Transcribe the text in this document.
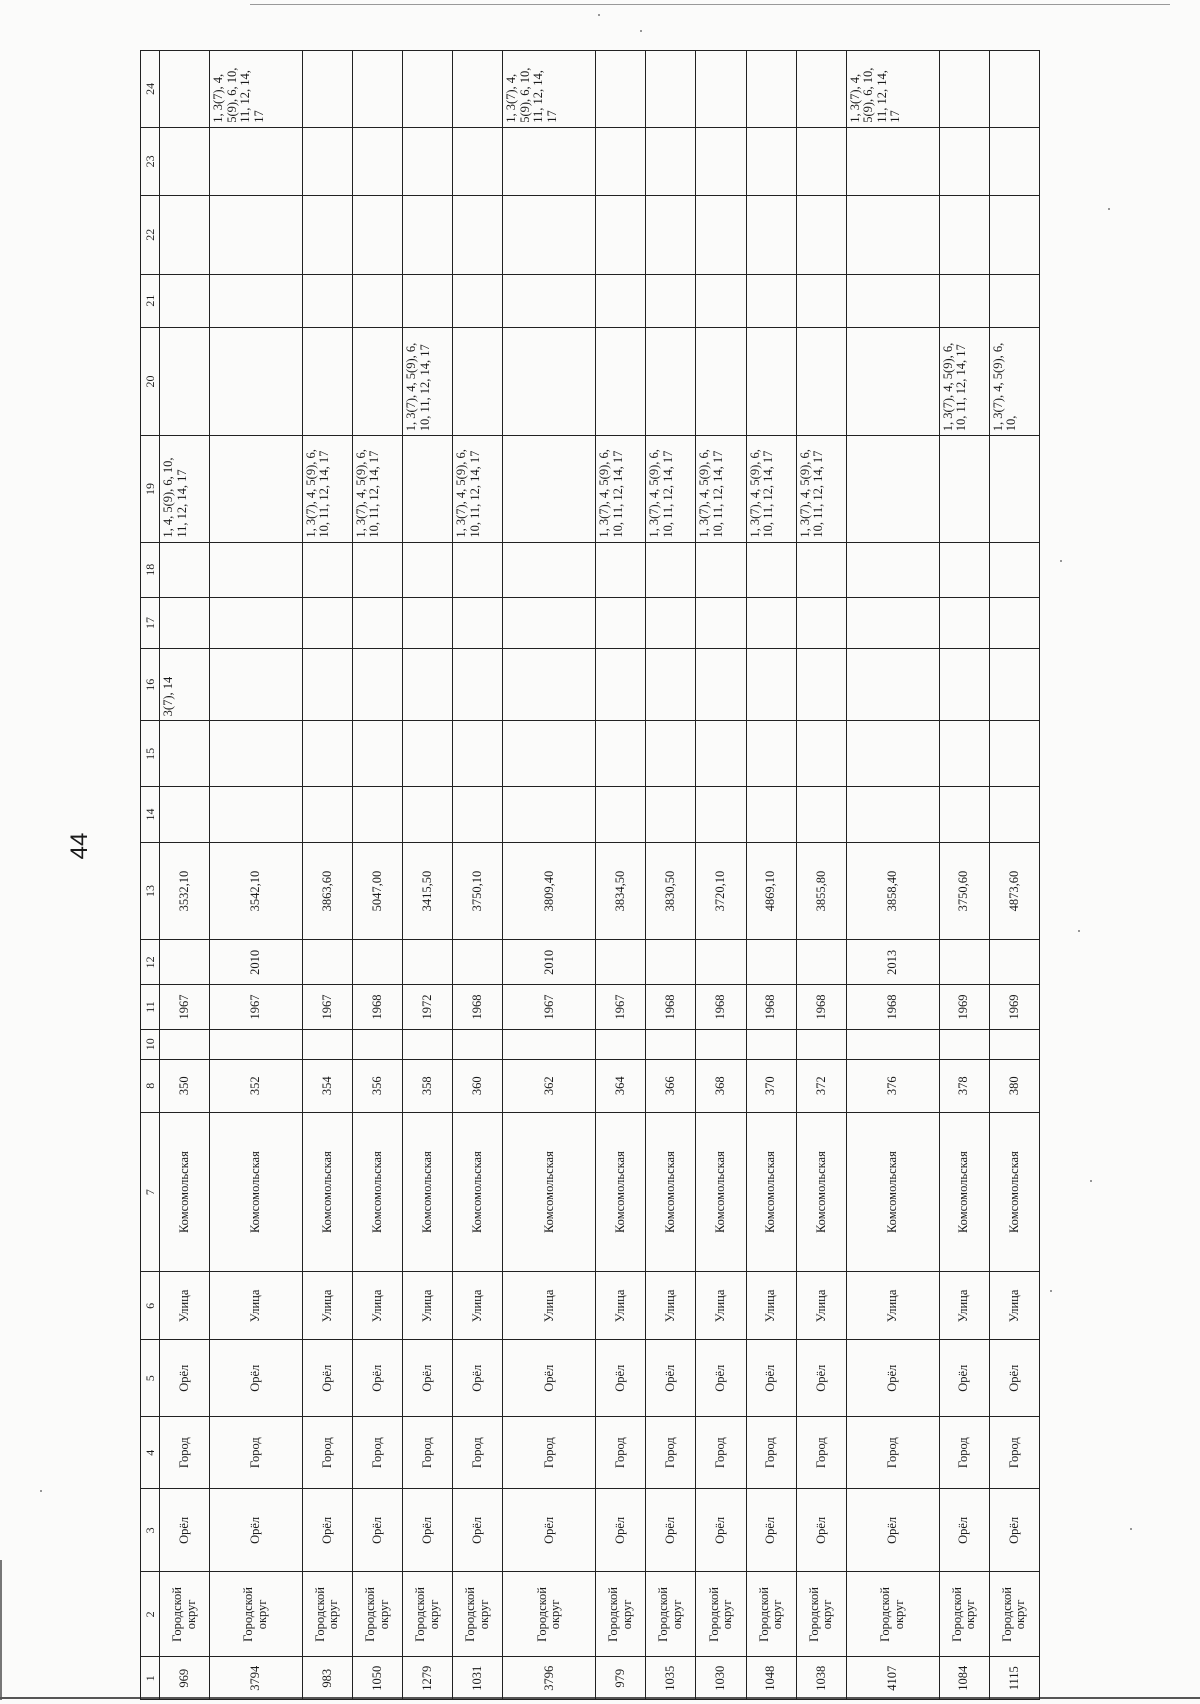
44
1	2	3	4	5	6	7	8	10	11	12	13	14	15	16	17	18	19	20	21	22	23	24
969	Городской округ	Орёл	Город	Орёл	Улица	Комсомольская	350		1967		3532,10			3(7), 14			1, 4, 5(9), 6, 10, 11, 12, 14, 17					
3794	Городской округ	Орёл	Город	Орёл	Улица	Комсомольская	352		1967	2010	3542,10											1, 3(7), 4, 5(9), 6, 10, 11, 12, 14, 17
983	Городской округ	Орёл	Город	Орёл	Улица	Комсомольская	354		1967		3863,60						1, 3(7), 4, 5(9), 6, 10, 11, 12, 14, 17					
1050	Городской округ	Орёл	Город	Орёл	Улица	Комсомольская	356		1968		5047,00						1, 3(7), 4, 5(9), 6, 10, 11, 12, 14, 17					
1279	Городской округ	Орёл	Город	Орёл	Улица	Комсомольская	358		1972		3415,50							1, 3(7), 4, 5(9), 6, 10, 11, 12, 14, 17				
1031	Городской округ	Орёл	Город	Орёл	Улица	Комсомольская	360		1968		3750,10						1, 3(7), 4, 5(9), 6, 10, 11, 12, 14, 17					
3796	Городской округ	Орёл	Город	Орёл	Улица	Комсомольская	362		1967	2010	3809,40											1, 3(7), 4, 5(9), 6, 10, 11, 12, 14, 17
979	Городской округ	Орёл	Город	Орёл	Улица	Комсомольская	364		1967		3834,50						1, 3(7), 4, 5(9), 6, 10, 11, 12, 14, 17					
1035	Городской округ	Орёл	Город	Орёл	Улица	Комсомольская	366		1968		3830,50						1, 3(7), 4, 5(9), 6, 10, 11, 12, 14, 17					
1030	Городской округ	Орёл	Город	Орёл	Улица	Комсомольская	368		1968		3720,10						1, 3(7), 4, 5(9), 6, 10, 11, 12, 14, 17					
1048	Городской округ	Орёл	Город	Орёл	Улица	Комсомольская	370		1968		4869,10						1, 3(7), 4, 5(9), 6, 10, 11, 12, 14, 17					
1038	Городской округ	Орёл	Город	Орёл	Улица	Комсомольская	372		1968		3855,80						1, 3(7), 4, 5(9), 6, 10, 11, 12, 14, 17					
4107	Городской округ	Орёл	Город	Орёл	Улица	Комсомольская	376		1968	2013	3858,40											1, 3(7), 4, 5(9), 6, 10, 11, 12, 14, 17
1084	Городской округ	Орёл	Город	Орёл	Улица	Комсомольская	378		1969		3750,60							1, 3(7), 4, 5(9), 6, 10, 11, 12, 14, 17				
1115	Городской округ	Орёл	Город	Орёл	Улица	Комсомольская	380		1969		4873,60							1, 3(7), 4, 5(9), 6, 10,				
